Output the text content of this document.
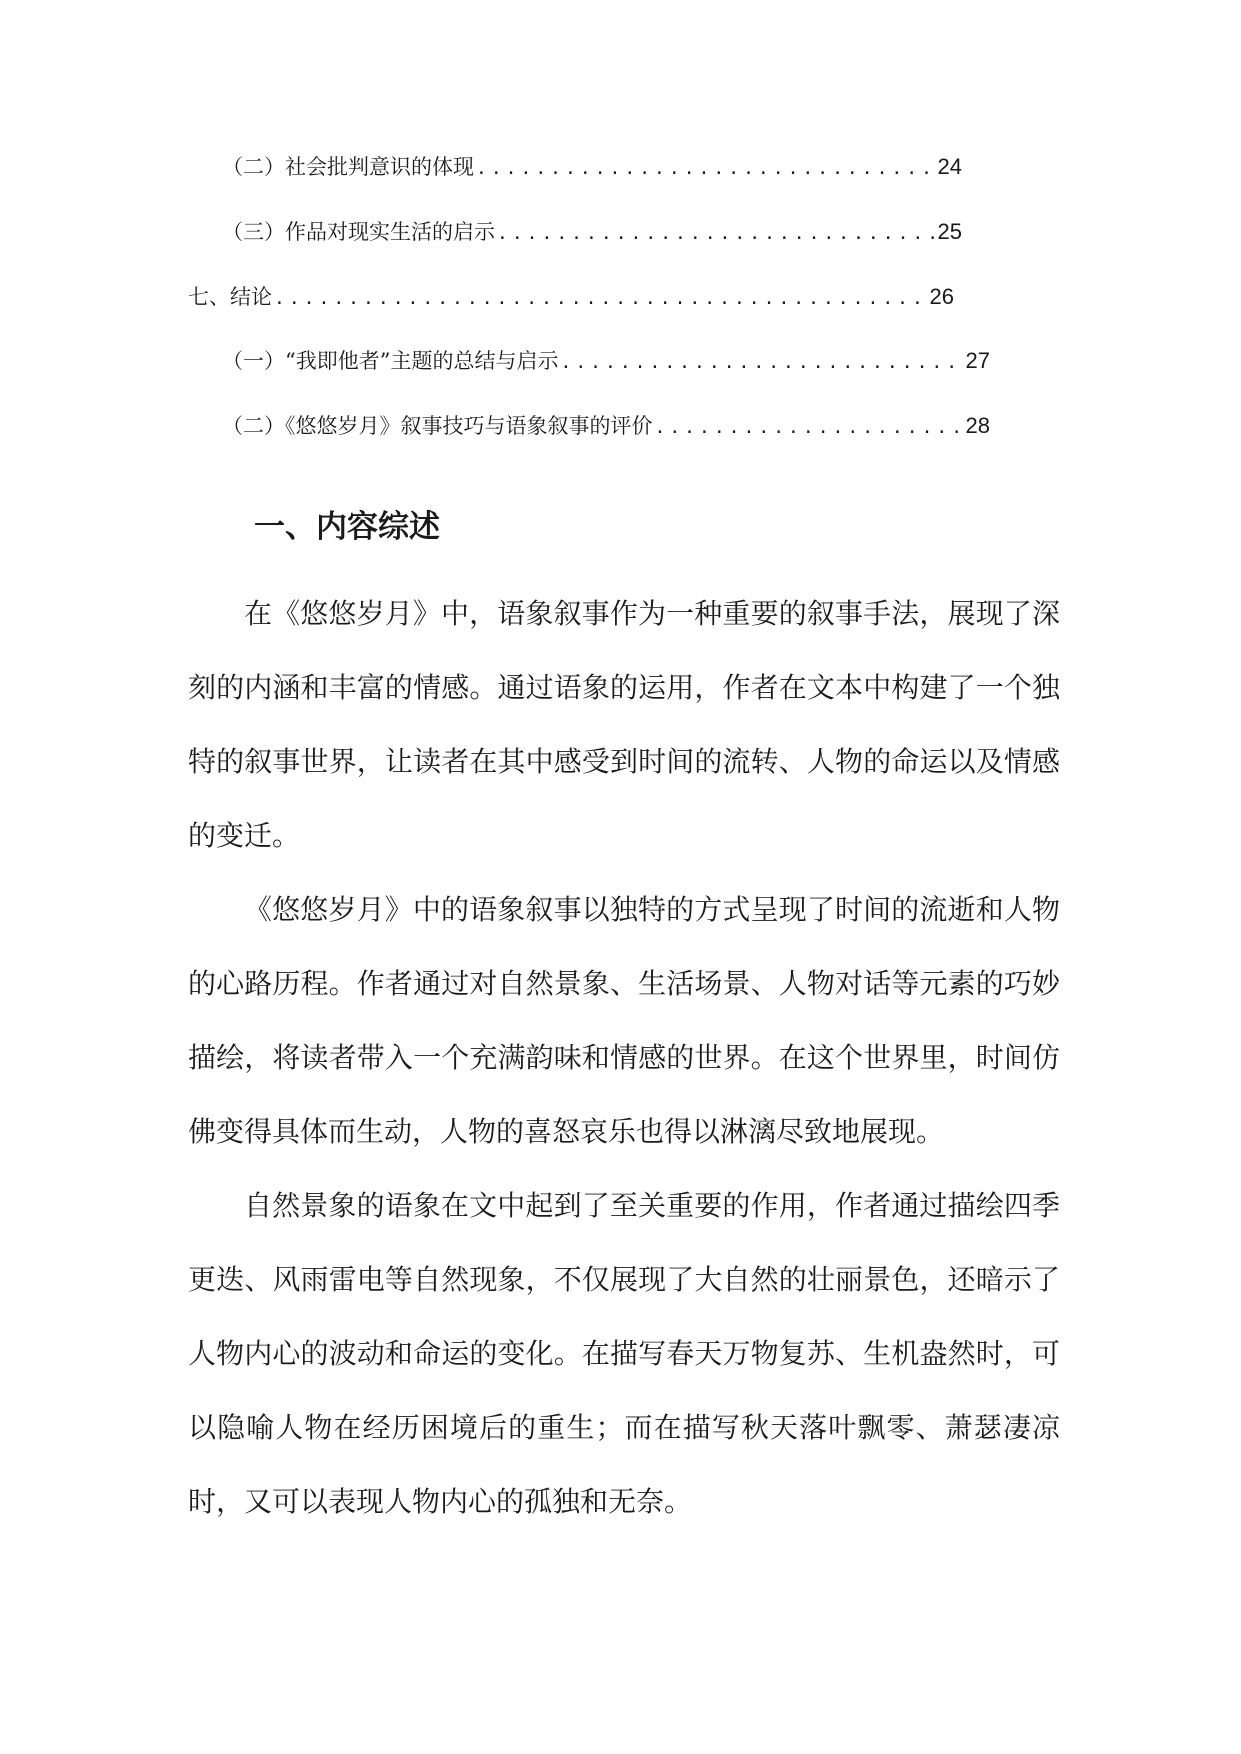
（二）社会批判意识的体现 .....	24
（三）作品对现实生活的启示 .....	25
七、结论 .....	26
（一）“我即他者”主题的总结与启示 .....	27
（二）《悠悠岁月》叙事技巧与语象叙事的评价 .....	28
一、内容综述

在《悠悠岁月》中，语象叙事作为一种重要的叙事手法，展现了深刻的内涵和丰富的情感。通过语象的运用，作者在文本中构建了一个独特的叙事世界，让读者在其中感受到时间的流转、人物的命运以及情感的变迁。

《悠悠岁月》中的语象叙事以独特的方式呈现了时间的流逝和人物的心路历程。作者通过对自然景象、生活场景、人物对话等元素的巧妙描绘，将读者带入一个充满韵味和情感的世界。在这个世界里，时间仿佛变得具体而生动，人物的喜怒哀乐也得以淋漓尽致地展现。

自然景象的语象在文中起到了至关重要的作用，作者通过描绘四季更迭、风雨雷电等自然现象，不仅展现了大自然的壮丽景色，还暗示了人物内心的波动和命运的变化。在描写春天万物复苏、生机盎然时，可以隐喻人物在经历困境后的重生；而在描写秋天落叶飘零、萧瑟凄凉时，又可以表现人物内心的孤独和无奈。
